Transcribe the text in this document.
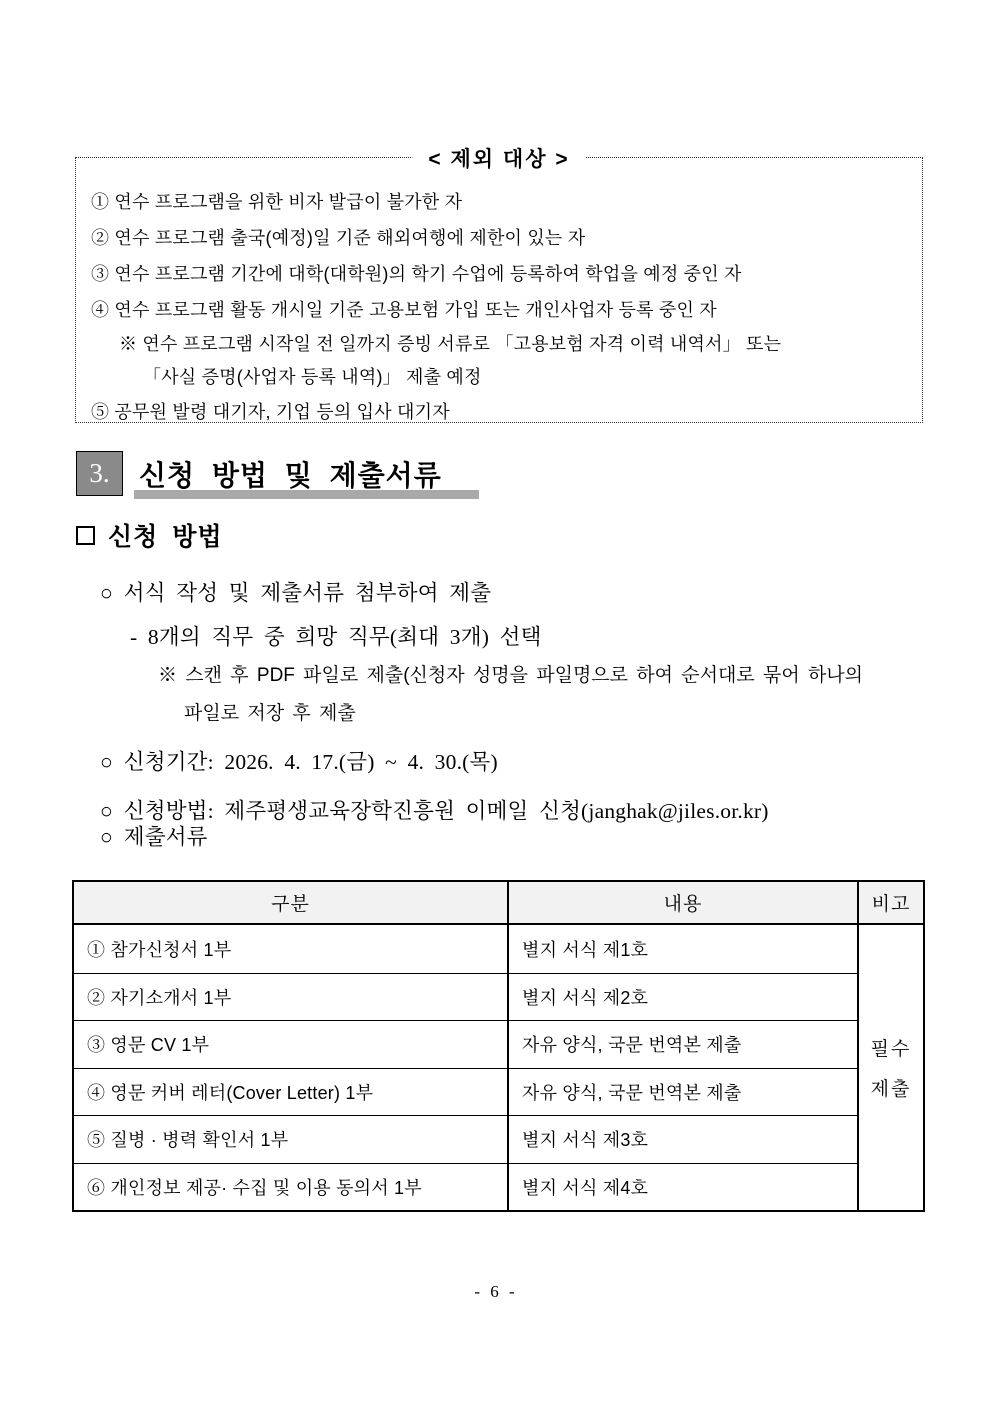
< 제외 대상 >
① 연수 프로그램을 위한 비자 발급이 불가한 자
② 연수 프로그램 출국(예정)일 기준 해외여행에 제한이 있는 자
③ 연수 프로그램 기간에 대학(대학원)의 학기 수업에 등록하여 학업을 예정 중인 자
④ 연수 프로그램 활동 개시일 기준 고용보험 가입 또는 개인사업자 등록 중인 자
※ 연수 프로그램 시작일 전 일까지 증빙 서류로 「고용보험 자격 이력 내역서」 또는
「사실 증명(사업자 등록 내역)」 제출 예정
⑤ 공무원 발령 대기자, 기업 등의 입사 대기자
3.	신청 방법 및 제출서류
신청 방법
○ 서식 작성 및 제출서류 첨부하여 제출
- 8개의 직무 중 희망 직무(최대 3개) 선택
※ 스캔 후 PDF 파일로 제출(신청자 성명을 파일명으로 하여 순서대로 묶어 하나의
파일로 저장 후 제출
○ 신청기간: 2026. 4. 17.(금) ~ 4. 30.(목)
○ 신청방법: 제주평생교육장학진흥원 이메일 신청(janghak@jiles.or.kr)
○ 제출서류
구분	내용	비고
필수
제출
① 참가신청서 1부	별지 서식 제1호
② 자기소개서 1부	별지 서식 제2호
③ 영문 CV 1부	자유 양식, 국문 번역본 제출
④ 영문 커버 레터(Cover Letter) 1부	자유 양식, 국문 번역본 제출
⑤ 질병 · 병력 확인서 1부	별지 서식 제3호
⑥ 개인정보 제공· 수집 및 이용 동의서 1부	별지 서식 제4호
- 6 -
